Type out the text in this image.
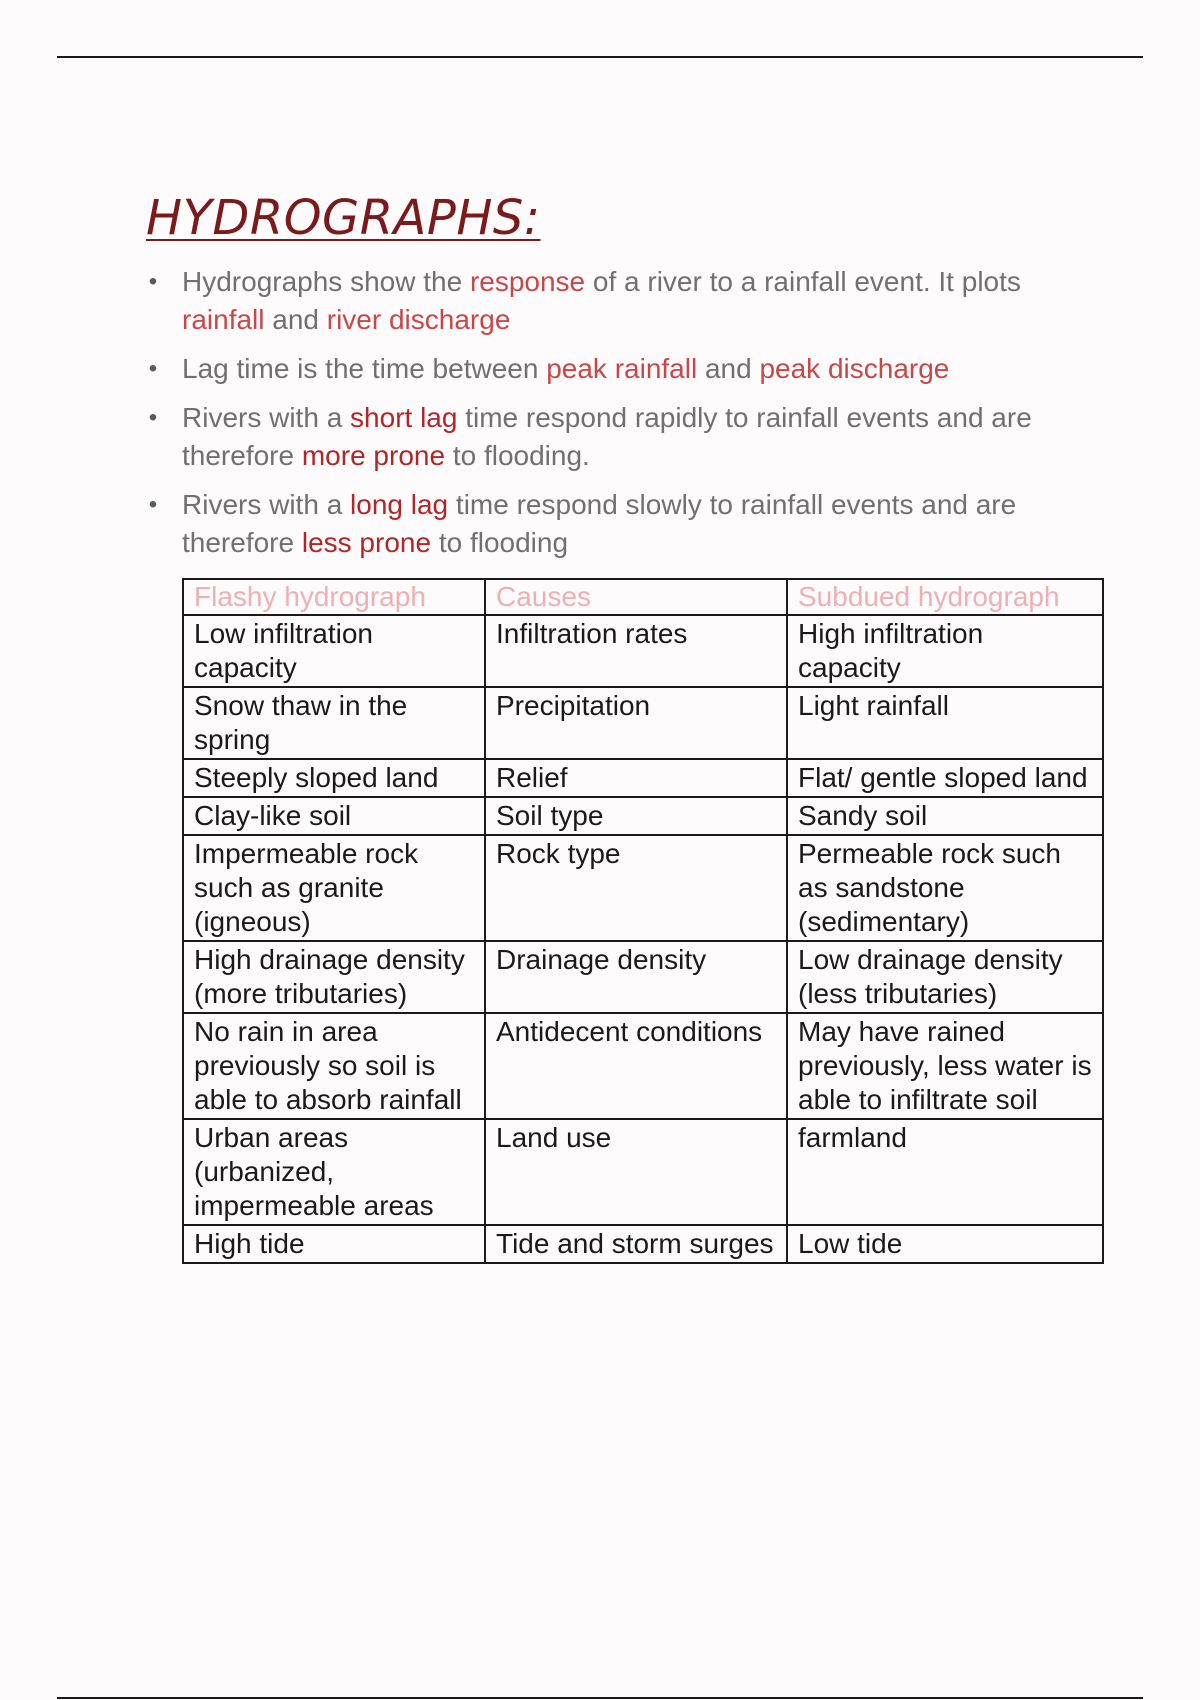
HYDROGRAPHS:
• Hydrographs show the response of a river to a rainfall event. It plots rainfall and river discharge
• Lag time is the time between peak rainfall and peak discharge
• Rivers with a short lag time respond rapidly to rainfall events and are therefore more prone to flooding.
• Rivers with a long lag time respond slowly to rainfall events and are therefore less prone to flooding
Flashy hydrograph	Causes	Subdued hydrograph
Low infiltration capacity	Infiltration rates	High infiltration capacity
Snow thaw in the spring	Precipitation	Light rainfall
Steeply sloped land	Relief	Flat/ gentle sloped land
Clay-like soil	Soil type	Sandy soil
Impermeable rock such as granite (igneous)	Rock type	Permeable rock such as sandstone (sedimentary)
High drainage density (more tributaries)	Drainage density	Low drainage density (less tributaries)
No rain in area previously so soil is able to absorb rainfall	Antidecent conditions	May have rained previously, less water is able to infiltrate soil
Urban areas (urbanized, impermeable areas	Land use	farmland
High tide	Tide and storm surges	Low tide
